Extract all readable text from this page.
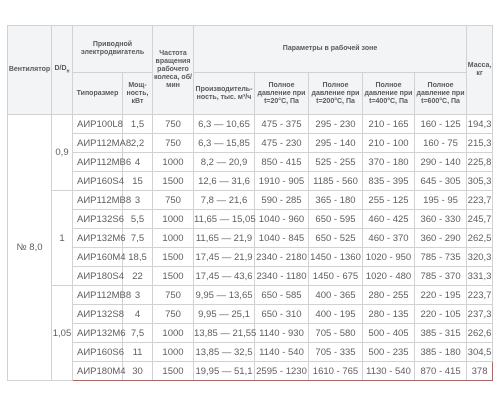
Вентилятор	$D/D_н$	Приводной электродвигатель		Частота вращения рабочего колеса, об/мин	Параметры в рабочей зоне					Масса, кг
		Типоразмер	Мощ-ность, кВт		Производитель-ность, тыс. м³/ч	Полное давление при t=20°С, Па	Полное давление при t=200°С, Па	Полное давление при t=400°С, Па	Полное давление при t=600°С, Па	
№ 8,0	0,9	АИР100L8	1,5	750	6,3 — 10,65	475 - 375	295 - 230	210 - 165	160 - 125	194,3
		АИР112МА8	2,2	750	6,3 — 15,85	475 - 230	295 - 140	210 - 100	160 - 75	215,3
		АИР112МВ6	4	1000	8,2 — 20,9	850 - 415	525 - 255	370 - 180	290 - 140	225,8
		АИР160S4	15	1500	12,6 — 31,6	1910 - 905	1185 - 560	835 - 395	645 - 305	305,3
	1	АИР112МВ8	3	750	7,8 — 21,6	590 - 285	365 - 180	255 - 125	195 - 95	223,7
		АИР132S6	5,5	1000	11,65 — 15,05	1040 - 960	650 - 595	460 - 425	360 - 330	245,7
		АИР132М6	7,5	1000	11,65 — 21,9	1040 - 845	650 - 525	460 - 370	360 - 290	262,5
		АИР160М4	18,5	1500	17,45 — 21,9	2340 - 2180	1450 - 1360	1020 - 950	785 - 735	320,3
		АИР180S4	22	1500	17,45 — 43,6	2340 - 1180	1450 - 675	1020 - 480	785 - 370	331,3
	1,05	АИР112МВ8	3	750	9,95 — 13,65	650 - 585	400 - 365	280 - 255	220 - 195	223,7
		АИР132S8	4	750	9,95 — 25,1	650 - 310	400 - 195	280 - 135	220 - 105	237,3
		АИР132М6	7,5	1000	13,85 — 21,55	1140 - 930	705 - 580	500 - 405	385 - 315	262,6
		АИР160S6	11	1000	13,85 — 32,5	1140 - 540	705 - 335	500 - 235	385 - 180	304,5
		АИР180М4	30	1500	19,95 — 51,1	2595 - 1230	1610 - 765	1130 - 540	870 - 415	378
